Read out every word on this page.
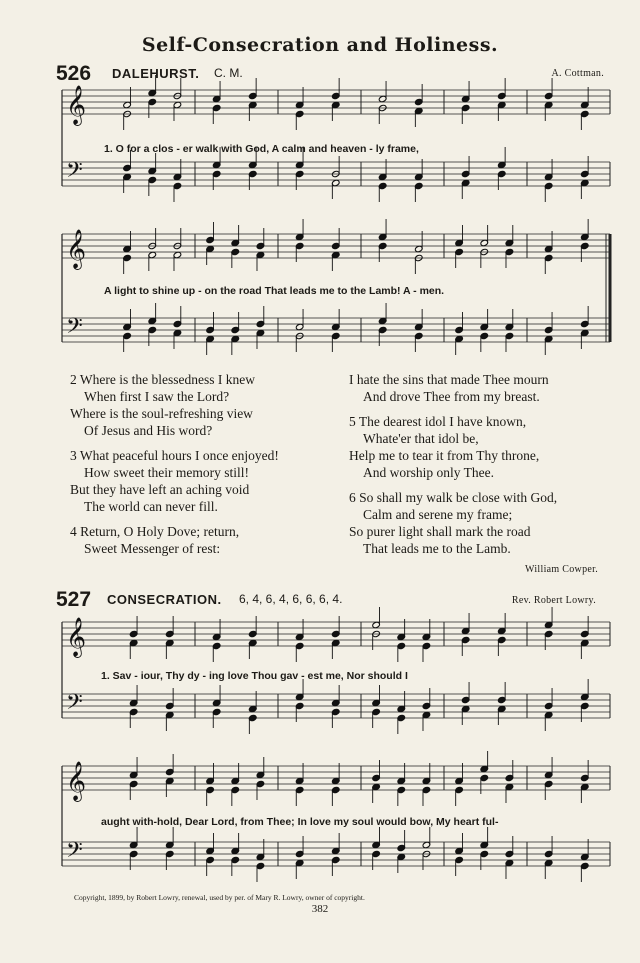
Self-Consecration and Holiness.
526 DALEHURST. C. M.	A. Cottman.
𝄞
𝄢
1. O for a clos - er walk with God, A calm and heaven - ly frame,
𝄞
𝄢
A light to shine up - on the road That leads me to the Lamb! A - men.
2 Where is the blessedness I knew
When first I saw the Lord?
Where is the soul-refreshing view
Of Jesus and His word?
3 What peaceful hours I once enjoyed!
How sweet their memory still!
But they have left an aching void
The world can never fill.
4 Return, O Holy Dove; return,
Sweet Messenger of rest:
I hate the sins that made Thee mourn
And drove Thee from my breast.
5 The dearest idol I have known,
Whate'er that idol be,
Help me to tear it from Thy throne,
And worship only Thee.
6 So shall my walk be close with God,
Calm and serene my frame;
So purer light shall mark the road
That leads me to the Lamb.
William Cowper.
527 CONSECRATION. 6, 4, 6, 4, 6, 6, 6, 4.	Rev. Robert Lowry.
𝄞
𝄢
1. Sav - iour, Thy dy - ing love Thou gav - est me, Nor should I
𝄞
𝄢
aught with-hold, Dear Lord, from Thee; In love my soul would bow, My heart ful-
Copyright, 1899, by Robert Lowry, renewal, used by per. of Mary R. Lowry, owner of copyright.
382
